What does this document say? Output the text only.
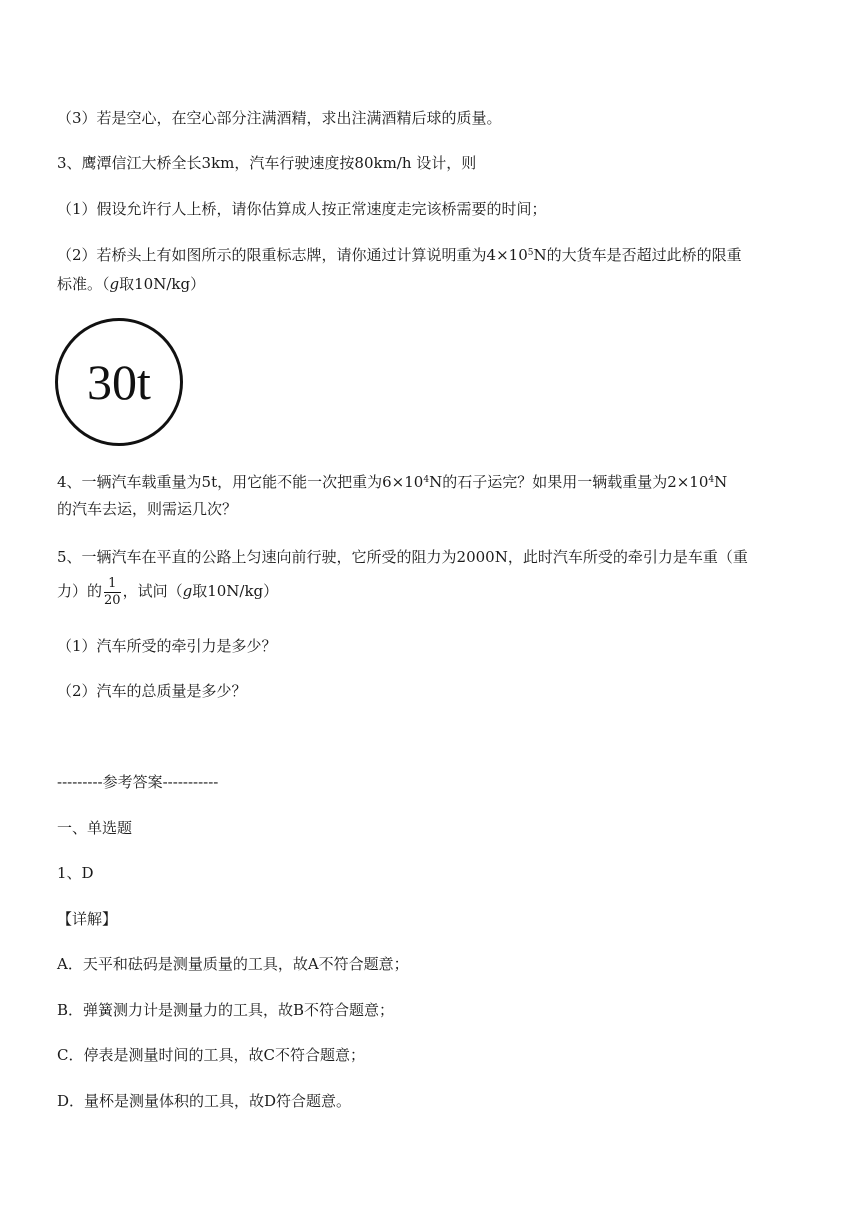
（3）若是空心，在空心部分注满酒精，求出注满酒精后球的质量。
3、鹰潭信江大桥全长3km，汽车行驶速度按80km/h 设计，则
（1）假设允许行人上桥，请你估算成人按正常速度走完该桥需要的时间；
（2）若桥头上有如图所示的限重标志牌，请你通过计算说明重为$4\times 10^5N$的大货车是否超过此桥的限重
标准。（g取10N/kg）
30t
4、一辆汽车载重量为5t，用它能不能一次把重为$6\times 10^4N$的石子运完？如果用一辆载重量为$2\times 10^4N$
的汽车去运，则需运几次？
5、一辆汽车在平直的公路上匀速向前行驶，它所受的阻力为2000N，此时汽车所受的牵引力是车重（重
力）的 $\frac{1}{20}$ ，试问（g取10N/kg）
（1）汽车所受的牵引力是多少？
（2）汽车的总质量是多少？
---------参考答案-----------
一、单选题
1、D
【详解】
A．天平和砝码是测量质量的工具，故A不符合题意；
B．弹簧测力计是测量力的工具，故B不符合题意；
C．停表是测量时间的工具，故C不符合题意；
D．量杯是测量体积的工具，故D符合题意。
